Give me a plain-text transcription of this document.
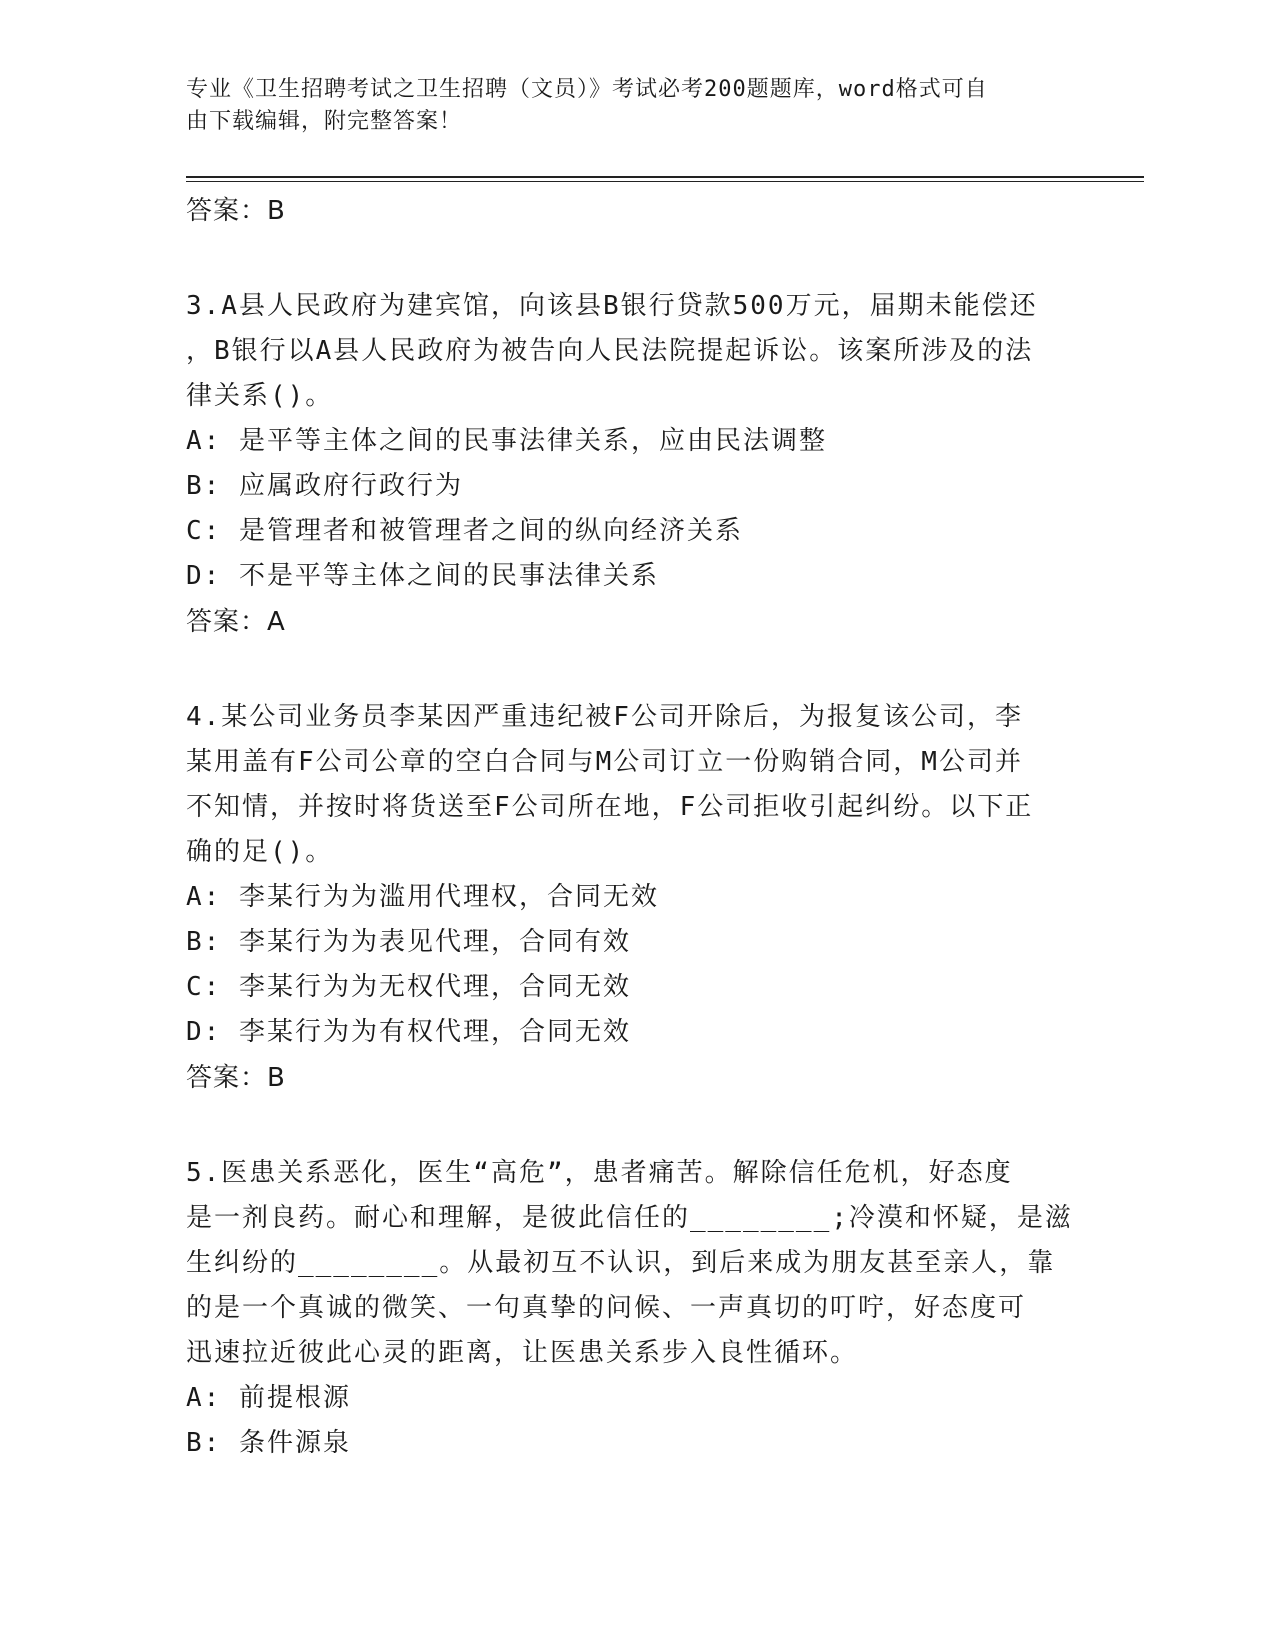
专业《卫生招聘考试之卫生招聘（文员）》考试必考200题题库，word格式可自
由下载编辑，附完整答案！
答案：B
3.A县人民政府为建宾馆，向该县B银行贷款500万元，届期未能偿还
，B银行以A县人民政府为被告向人民法院提起诉讼。该案所涉及的法
律关系()。
A: 是平等主体之间的民事法律关系，应由民法调整
B: 应属政府行政行为
C: 是管理者和被管理者之间的纵向经济关系
D: 不是平等主体之间的民事法律关系
答案：A
4.某公司业务员李某因严重违纪被F公司开除后，为报复该公司，李
某用盖有F公司公章的空白合同与M公司订立一份购销合同，M公司并
不知情，并按时将货送至F公司所在地，F公司拒收引起纠纷。以下正
确的足()。
A: 李某行为为滥用代理权，合同无效
B: 李某行为为表见代理，合同有效
C: 李某行为为无权代理，合同无效
D: 李某行为为有权代理，合同无效
答案：B
5.医患关系恶化，医生“高危”，患者痛苦。解除信任危机，好态度
是一剂良药。耐心和理解，是彼此信任的________;冷漠和怀疑，是滋
生纠纷的________。从最初互不认识，到后来成为朋友甚至亲人，靠
的是一个真诚的微笑、一句真挚的问候、一声真切的叮咛，好态度可
迅速拉近彼此心灵的距离，让医患关系步入良性循环。
A: 前提根源
B: 条件源泉
